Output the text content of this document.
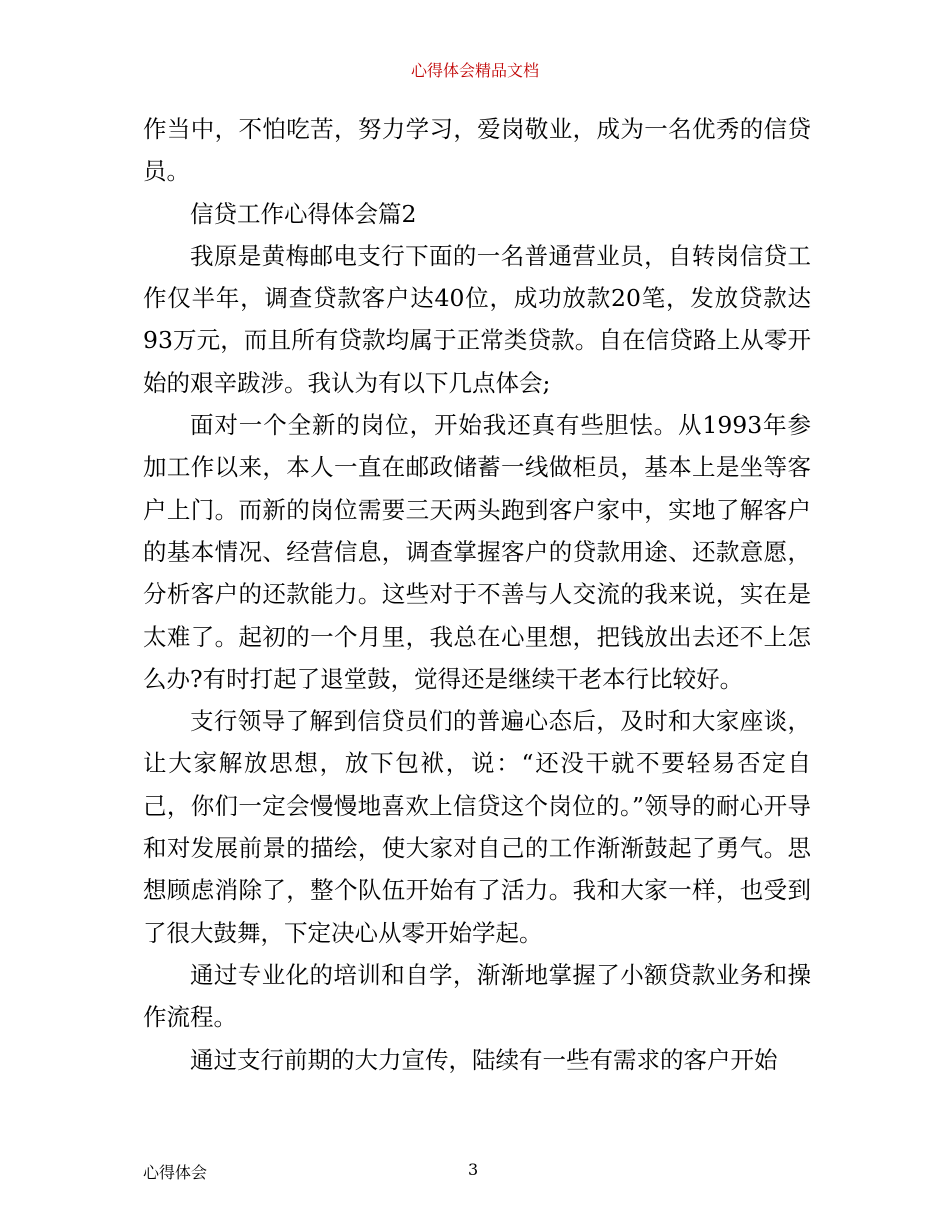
心得体会精品文档

作当中，不怕吃苦，努力学习，爱岗敬业，成为一名优秀的信贷员。

信贷工作心得体会篇2

我原是黄梅邮电支行下面的一名普通营业员，自转岗信贷工作仅半年，调查贷款客户达40位，成功放款20笔，发放贷款达93万元，而且所有贷款均属于正常类贷款。自在信贷路上从零开始的艰辛跋涉。我认为有以下几点体会;

面对一个全新的岗位，开始我还真有些胆怯。从1993年参加工作以来，本人一直在邮政储蓄一线做柜员，基本上是坐等客户上门。而新的岗位需要三天两头跑到客户家中，实地了解客户的基本情况、经营信息，调查掌握客户的贷款用途、还款意愿，分析客户的还款能力。这些对于不善与人交流的我来说，实在是太难了。起初的一个月里，我总在心里想，把钱放出去还不上怎么办?有时打起了退堂鼓，觉得还是继续干老本行比较好。

支行领导了解到信贷员们的普遍心态后，及时和大家座谈，让大家解放思想，放下包袱，说：“还没干就不要轻易否定自己，你们一定会慢慢地喜欢上信贷这个岗位的。”领导的耐心开导和对发展前景的描绘，使大家对自己的工作渐渐鼓起了勇气。思想顾虑消除了，整个队伍开始有了活力。我和大家一样，也受到了很大鼓舞，下定决心从零开始学起。

通过专业化的培训和自学，渐渐地掌握了小额贷款业务和操作流程。

通过支行前期的大力宣传，陆续有一些有需求的客户开始

心得体会	3
